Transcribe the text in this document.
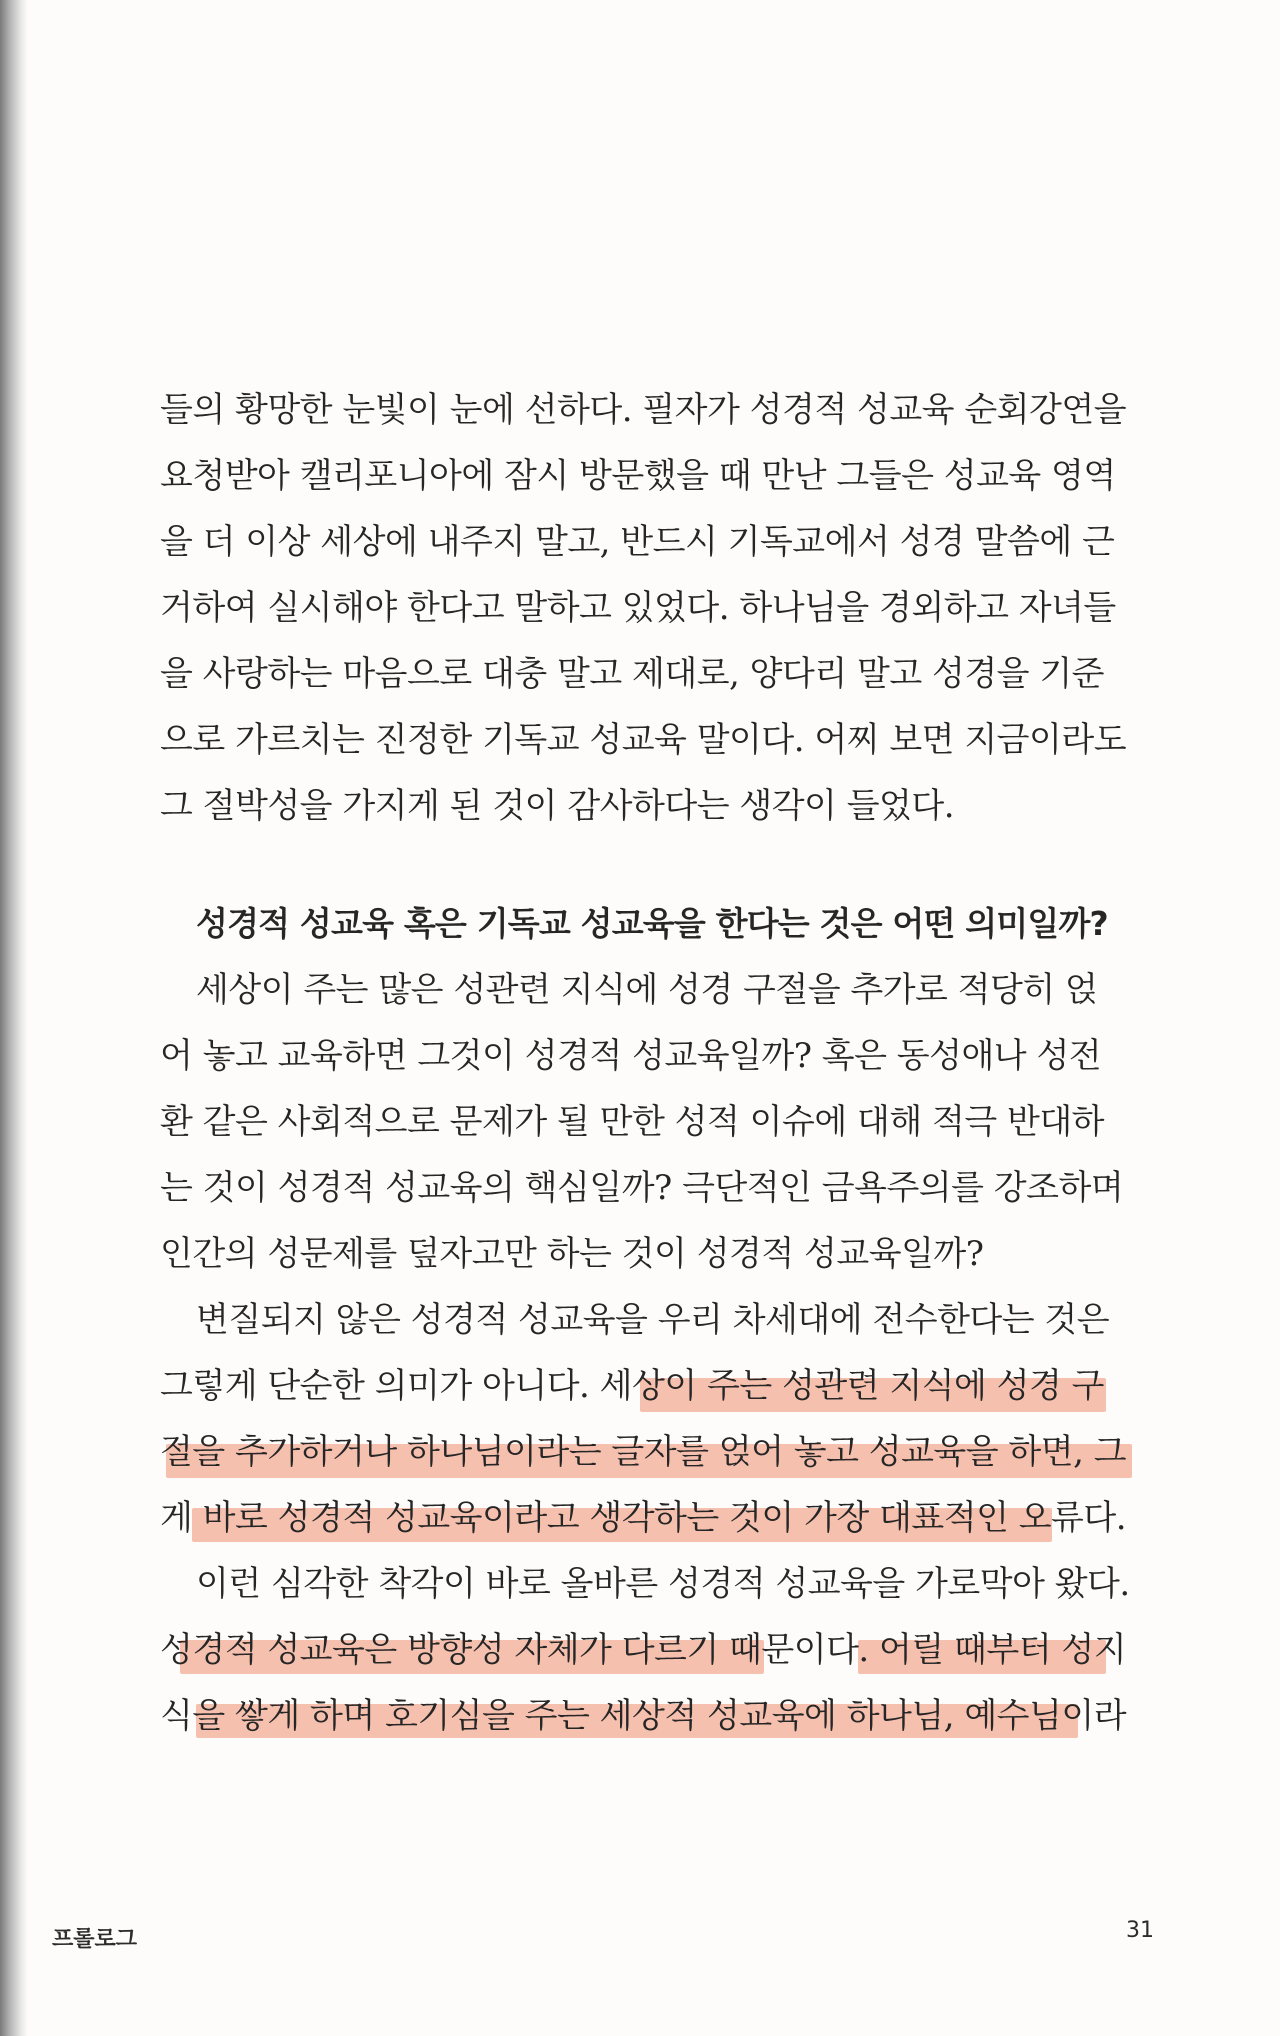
들의 황망한 눈빛이 눈에 선하다. 필자가 성경적 성교육 순회강연을
요청받아 캘리포니아에 잠시 방문했을 때 만난 그들은 성교육 영역
을 더 이상 세상에 내주지 말고, 반드시 기독교에서 성경 말씀에 근
거하여 실시해야 한다고 말하고 있었다. 하나님을 경외하고 자녀들
을 사랑하는 마음으로 대충 말고 제대로, 양다리 말고 성경을 기준
으로 가르치는 진정한 기독교 성교육 말이다. 어찌 보면 지금이라도
그 절박성을 가지게 된 것이 감사하다는 생각이 들었다.
성경적 성교육 혹은 기독교 성교육을 한다는 것은 어떤 의미일까?
세상이 주는 많은 성관련 지식에 성경 구절을 추가로 적당히 얹
어 놓고 교육하면 그것이 성경적 성교육일까? 혹은 동성애나 성전
환 같은 사회적으로 문제가 될 만한 성적 이슈에 대해 적극 반대하
는 것이 성경적 성교육의 핵심일까? 극단적인 금욕주의를 강조하며
인간의 성문제를 덮자고만 하는 것이 성경적 성교육일까?
변질되지 않은 성경적 성교육을 우리 차세대에 전수한다는 것은
그렇게 단순한 의미가 아니다. 세상이 주는 성관련 지식에 성경 구
절을 추가하거나 하나님이라는 글자를 얹어 놓고 성교육을 하면, 그
게 바로 성경적 성교육이라고 생각하는 것이 가장 대표적인 오류다.
이런 심각한 착각이 바로 올바른 성경적 성교육을 가로막아 왔다.
성경적 성교육은 방향성 자체가 다르기 때문이다. 어릴 때부터 성지
식을 쌓게 하며 호기심을 주는 세상적 성교육에 하나님, 예수님이라
프롤로그	31
